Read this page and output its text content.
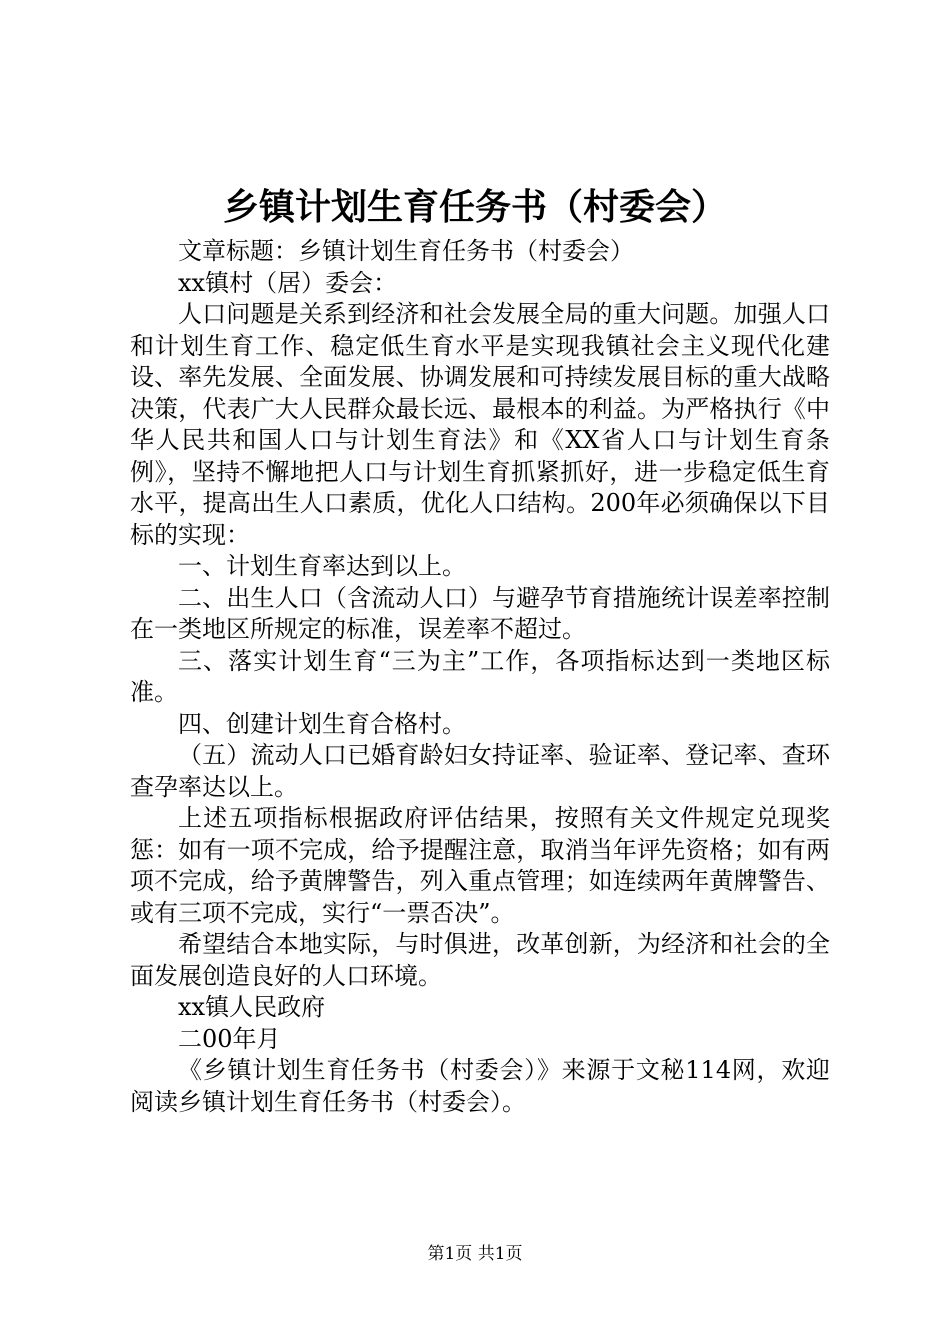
乡镇计划生育任务书（村委会）

文章标题：乡镇计划生育任务书（村委会）

xx镇村（居）委会：

人口问题是关系到经济和社会发展全局的重大问题。加强人口和计划生育工作、稳定低生育水平是实现我镇社会主义现代化建设、率先发展、全面发展、协调发展和可持续发展目标的重大战略决策，代表广大人民群众最长远、最根本的利益。为严格执行《中华人民共和国人口与计划生育法》和《XX省人口与计划生育条例》，坚持不懈地把人口与计划生育抓紧抓好，进一步稳定低生育水平，提高出生人口素质，优化人口结构。200年必须确保以下目标的实现：

一、计划生育率达到以上。

二、出生人口（含流动人口）与避孕节育措施统计误差率控制在一类地区所规定的标准，误差率不超过。

三、落实计划生育“三为主”工作，各项指标达到一类地区标准。

四、创建计划生育合格村。

（五）流动人口已婚育龄妇女持证率、验证率、登记率、查环查孕率达以上。

上述五项指标根据政府评估结果，按照有关文件规定兑现奖惩：如有一项不完成，给予提醒注意，取消当年评先资格；如有两项不完成，给予黄牌警告，列入重点管理；如连续两年黄牌警告、或有三项不完成，实行“一票否决”。

希望结合本地实际，与时俱进，改革创新，为经济和社会的全面发展创造良好的人口环境。

xx镇人民政府

二00年月

《乡镇计划生育任务书（村委会）》来源于文秘114网，欢迎阅读乡镇计划生育任务书（村委会）。

第1页 共1页
